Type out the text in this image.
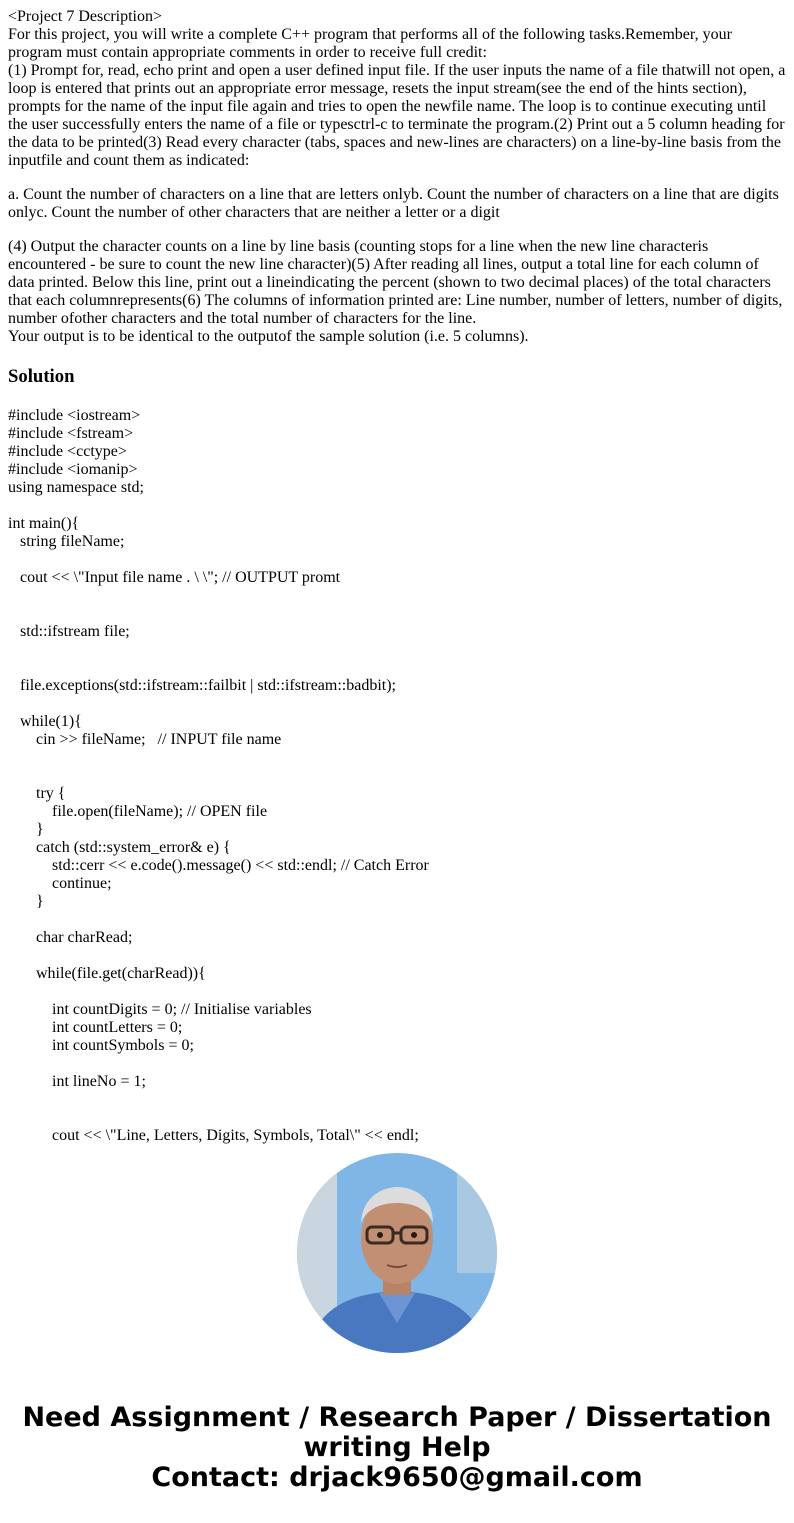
<Project 7 Description>
For this project, you will write a complete C++ program that performs all of the following tasks.Remember, your program must contain appropriate comments in order to receive full credit:
(1) Prompt for, read, echo print and open a user defined input file. If the user inputs the name of a file thatwill not open, a loop is entered that prints out an appropriate error message, resets the input stream(see the end of the hints section), prompts for the name of the input file again and tries to open the newfile name. The loop is to continue executing until the user successfully enters the name of a file or typesctrl-c to terminate the program.(2) Print out a 5 column heading for the data to be printed(3) Read every character (tabs, spaces and new-lines are characters) on a line-by-line basis from the inputfile and count them as indicated:

a. Count the number of characters on a line that are letters onlyb. Count the number of characters on a line that are digits onlyc. Count the number of other characters that are neither a letter or a digit

(4) Output the character counts on a line by line basis (counting stops for a line when the new line characteris encountered - be sure to count the new line character)(5) After reading all lines, output a total line for each column of data printed. Below this line, print out a lineindicating the percent (shown to two decimal places) of the total characters that each columnrepresents(6) The columns of information printed are: Line number, number of letters, number of digits, number ofother characters and the total number of characters for the line.
Your output is to be identical to the outputof the sample solution (i.e. 5 columns).
Solution
#include <iostream>
#include <fstream>
#include <cctype>
#include <iomanip>
using namespace std;
int main(){
string fileName;
cout << \"Input file name . \ \"; // OUTPUT promt
std::ifstream file;
file.exceptions(std::ifstream::failbit | std::ifstream::badbit);
while(1){
cin >> fileName;   // INPUT file name
try {
file.open(fileName); // OPEN file
}
catch (std::system_error& e) {
std::cerr << e.code().message() << std::endl; // Catch Error
continue;
}
char charRead;
while(file.get(charRead)){
int countDigits = 0; // Initialise variables
int countLetters = 0;
int countSymbols = 0;
int lineNo = 1;
cout << \"Line, Letters, Digits, Symbols, Total\" << endl;
Need Assignment / Research Paper / Dissertation
writing Help
Contact: drjack9650@gmail.com
